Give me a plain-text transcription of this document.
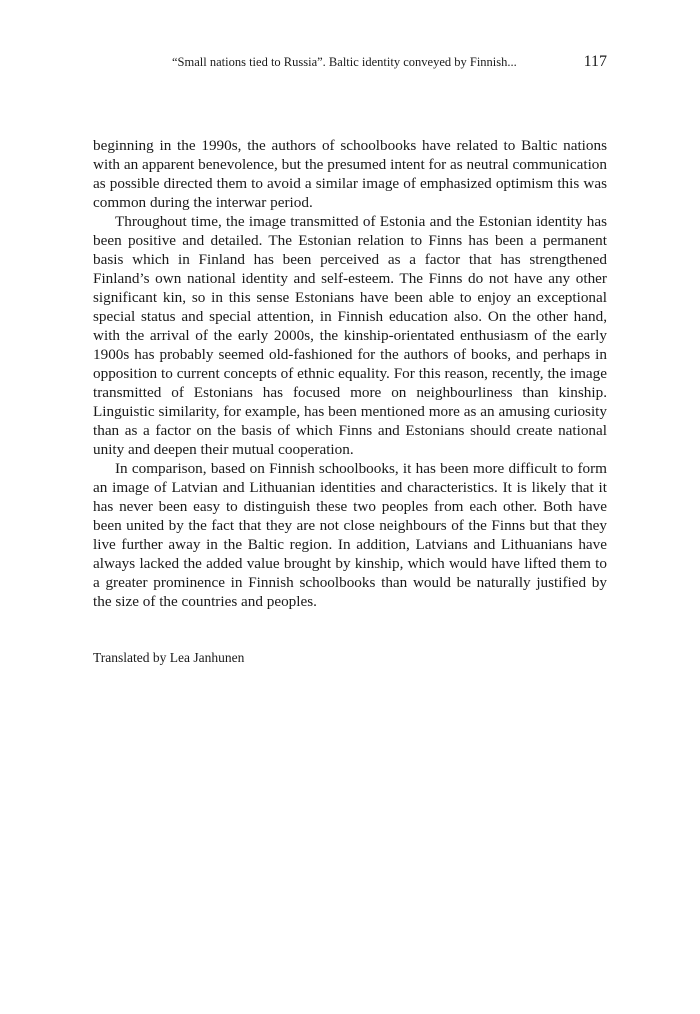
“Small nations tied to Russia”. Baltic identity conveyed by Finnish...	117

beginning in the 1990s, the authors of schoolbooks have related to Baltic nations with an apparent benevolence, but the presumed intent for as neutral communication as possible directed them to avoid a similar image of emphasized optimism this was common during the interwar period.

Throughout time, the image transmitted of Estonia and the Estonian identity has been positive and detailed. The Estonian relation to Finns has been a permanent basis which in Finland has been perceived as a factor that has strengthened Finland’s own national identity and self-esteem. The Finns do not have any other significant kin, so in this sense Estonians have been able to enjoy an exceptional special status and special attention, in Finnish education also. On the other hand, with the arrival of the early 2000s, the kinship-orientated enthusiasm of the early 1900s has probably seemed old-fashioned for the authors of books, and perhaps in opposition to current concepts of ethnic equality. For this reason, recently, the image transmitted of Estonians has focused more on neighbourliness than kinship. Linguistic similarity, for example, has been mentioned more as an amusing curiosity than as a factor on the basis of which Finns and Estonians should create national unity and deepen their mutual cooperation.

In comparison, based on Finnish schoolbooks, it has been more difficult to form an image of Latvian and Lithuanian identities and characteristics. It is likely that it has never been easy to distinguish these two peoples from each other. Both have been united by the fact that they are not close neighbours of the Finns but that they live further away in the Baltic region. In addition, Latvians and Lithuanians have always lacked the added value brought by kinship, which would have lifted them to a greater prominence in Finnish schoolbooks than would be naturally justified by the size of the countries and peoples.

Translated by Lea Janhunen
